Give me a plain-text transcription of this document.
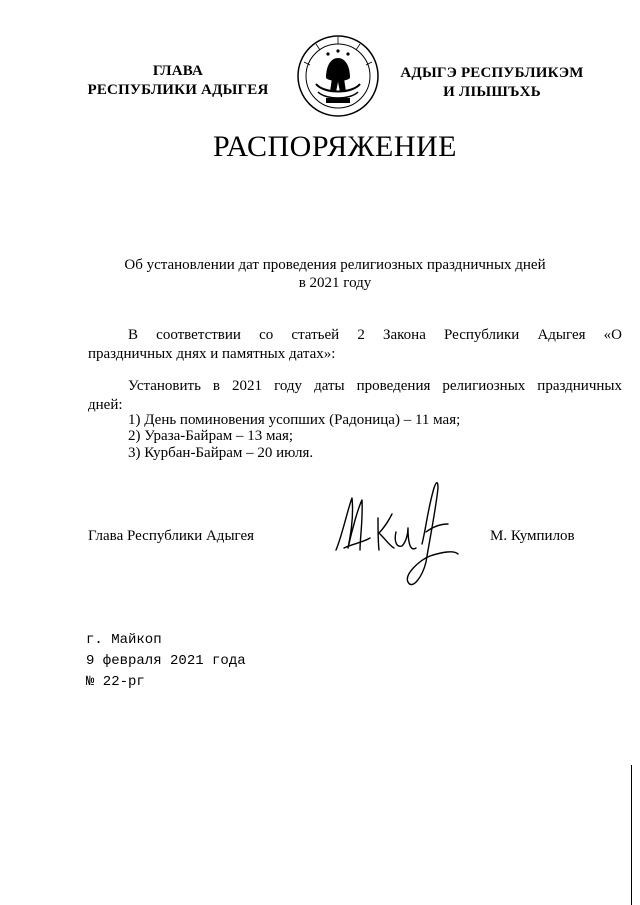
ГЛАВА
РЕСПУБЛИКИ АДЫГЕЯ
АДЫГЭ РЕСПУБЛИКЭМ
И ЛІЫШЪХЬ
РАСПОРЯЖЕНИЕ
Об установлении дат проведения религиозных праздничных дней
в 2021 году
В соответствии со статьей 2 Закона Республики Адыгея «О
праздничных днях и памятных датах»:
Установить в 2021 году даты проведения религиозных праздничных
дней:
1) День поминовения усопших (Радоница) – 11 мая;
2) Ураза-Байрам – 13 мая;
3) Курбан-Байрам – 20 июля.
Глава Республики Адыгея	М. Кумпилов
г. Майкоп
9 февраля 2021 года
№ 22-рг
